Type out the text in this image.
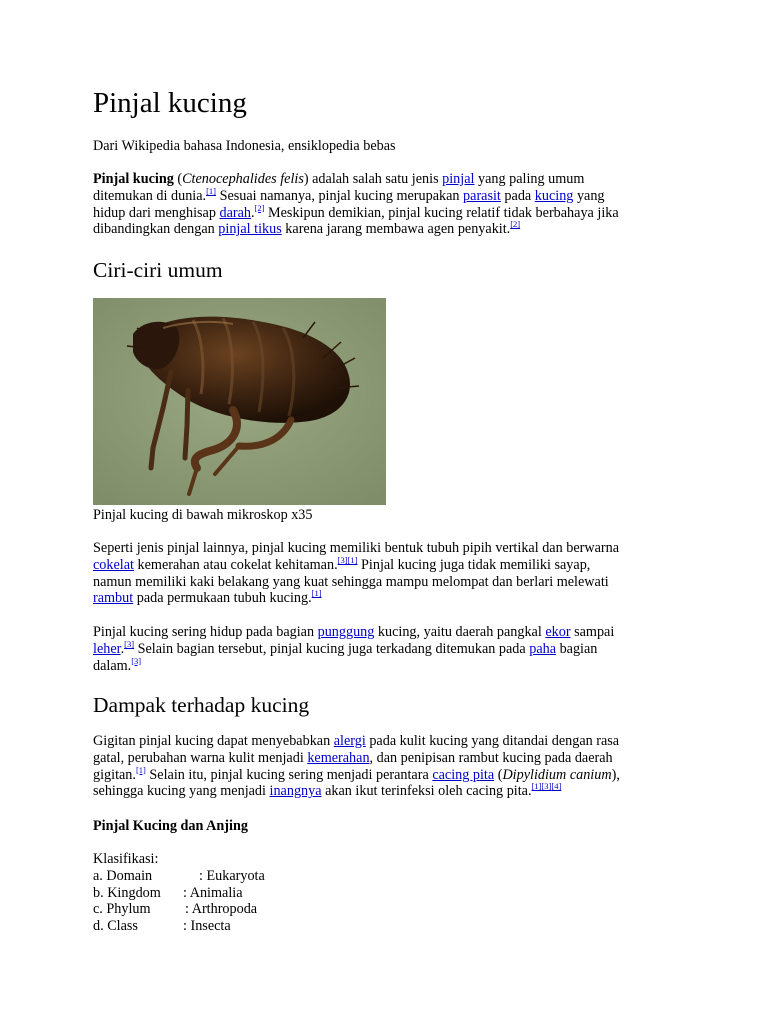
Pinjal kucing

Dari Wikipedia bahasa Indonesia, ensiklopedia bebas

Pinjal kucing (Ctenocephalides felis) adalah salah satu jenis pinjal yang paling umum
ditemukan di dunia.[1] Sesuai namanya, pinjal kucing merupakan parasit pada kucing yang
hidup dari menghisap darah.[2] Meskipun demikian, pinjal kucing relatif tidak berbahaya jika
dibandingkan dengan pinjal tikus karena jarang membawa agen penyakit.[2]
Ciri-ciri umum

Pinjal kucing di bawah mikroskop x35

Seperti jenis pinjal lainnya, pinjal kucing memiliki bentuk tubuh pipih vertikal dan berwarna
cokelat kemerahan atau cokelat kehitaman.[3][1] Pinjal kucing juga tidak memiliki sayap,
namun memiliki kaki belakang yang kuat sehingga mampu melompat dan berlari melewati
rambut pada permukaan tubuh kucing.[1]
Pinjal kucing sering hidup pada bagian punggung kucing, yaitu daerah pangkal ekor sampai
leher.[3] Selain bagian tersebut, pinjal kucing juga terkadang ditemukan pada paha bagian
dalam.[3]
Dampak terhadap kucing
Gigitan pinjal kucing dapat menyebabkan alergi pada kulit kucing yang ditandai dengan rasa
gatal, perubahan warna kulit menjadi kemerahan, dan penipisan rambut kucing pada daerah
gigitan.[1] Selain itu, pinjal kucing sering menjadi perantara cacing pita (Dipylidium canium),
sehingga kucing yang menjadi inangnya akan ikut terinfeksi oleh cacing pita.[1][3][4]

Pinjal Kucing dan Anjing

Klasifikasi:
a. Domain	: Eukaryota
b. Kingdom : Animalia
c. Phylum : Arthropoda
d. Class	: Insecta
